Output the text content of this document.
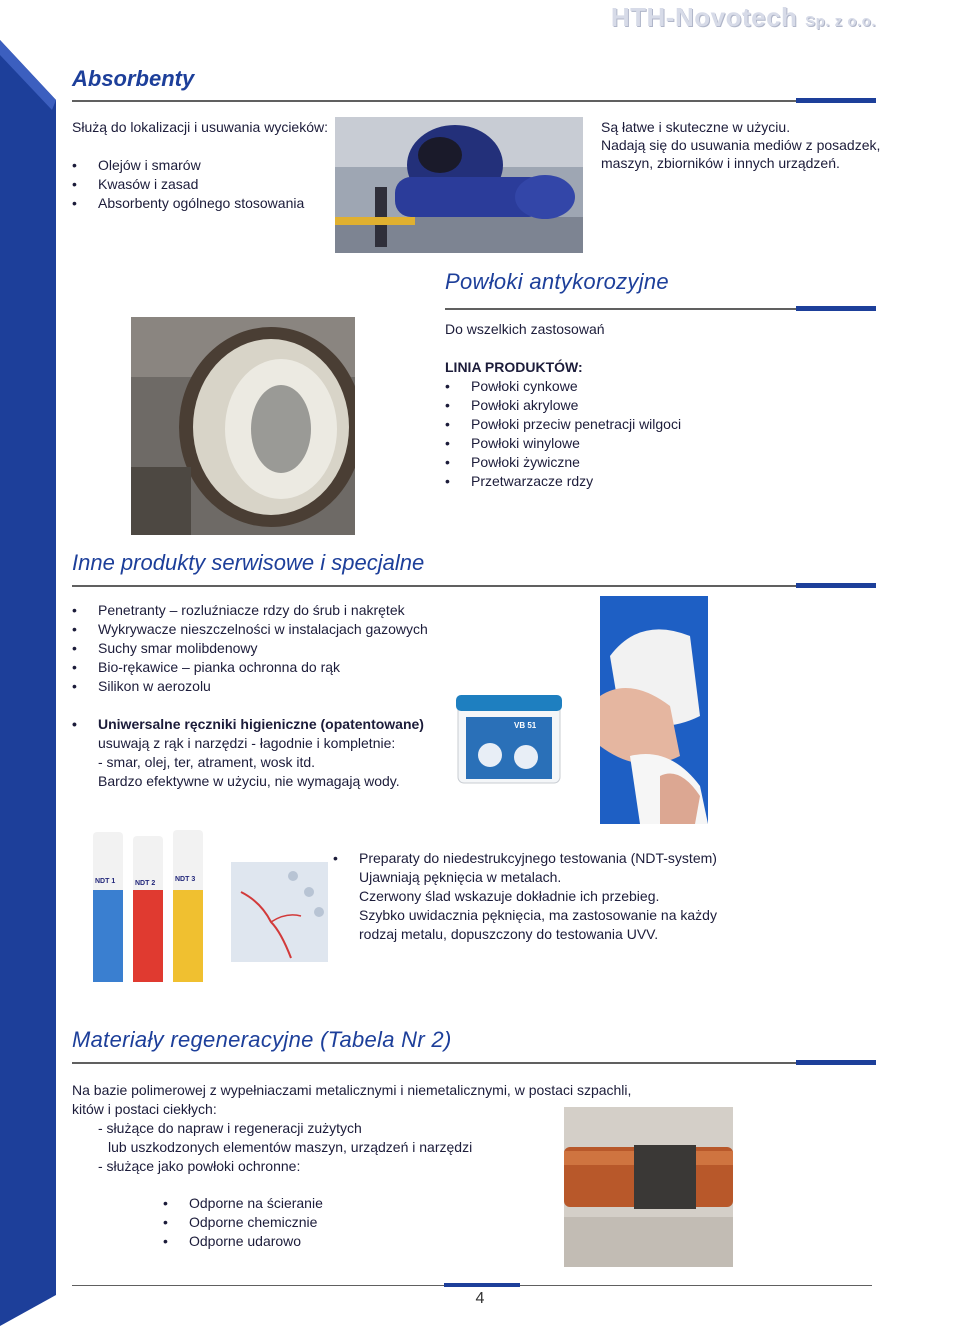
HTH-Novotech Sp. z o.o.
Absorbenty
Służą do lokalizacji i usuwania wycieków:
• Olejów i smarów
• Kwasów i zasad
• Absorbenty ogólnego stosowania
Są łatwe i skuteczne w użyciu.
Nadają się do usuwania mediów z posadzek,
maszyn, zbiorników i innych urządzeń.
Powłoki antykorozyjne
Do wszelkich zastosowań
LINIA PRODUKTÓW:
• Powłoki cynkowe
• Powłoki akrylowe
• Powłoki przeciw penetracji wilgoci
• Powłoki winylowe
• Powłoki żywiczne
• Przetwarzacze rdzy
Inne produkty serwisowe i specjalne
• Penetranty – rozluźniacze rdzy do śrub i nakrętek
• Wykrywacze nieszczelności w instalacjach gazowych
• Suchy smar molibdenowy
• Bio-rękawice – pianka ochronna do rąk
• Silikon w aerozolu
• Uniwersalne ręczniki higieniczne (opatentowane)
usuwają z rąk i narzędzi - łagodnie i kompletnie:
- smar, olej, ter, atrament, wosk itd.
Bardzo efektywne w użyciu, nie wymagają wody.
VB 51
NDT 1	NDT 2
NDT 3
• Preparaty do niedestrukcyjnego testowania (NDT-system)
Ujawniają pęknięcia w metalach.
Czerwony ślad wskazuje dokładnie ich przebieg.
Szybko uwidacznia pęknięcia, ma zastosowanie na każdy
rodzaj metalu, dopuszczony do testowania UVV.
Materiały regeneracyjne (Tabela Nr 2)
Na bazie polimerowej z wypełniaczami metalicznymi i niemetalicznymi, w postaci szpachli,
kitów i postaci ciekłych:
- służące do napraw i regeneracji zużytych
lub uszkodzonych elementów maszyn, urządzeń i narzędzi
- służące jako powłoki ochronne:
• Odporne na ścieranie
• Odporne chemicznie
• Odporne udarowo
4
